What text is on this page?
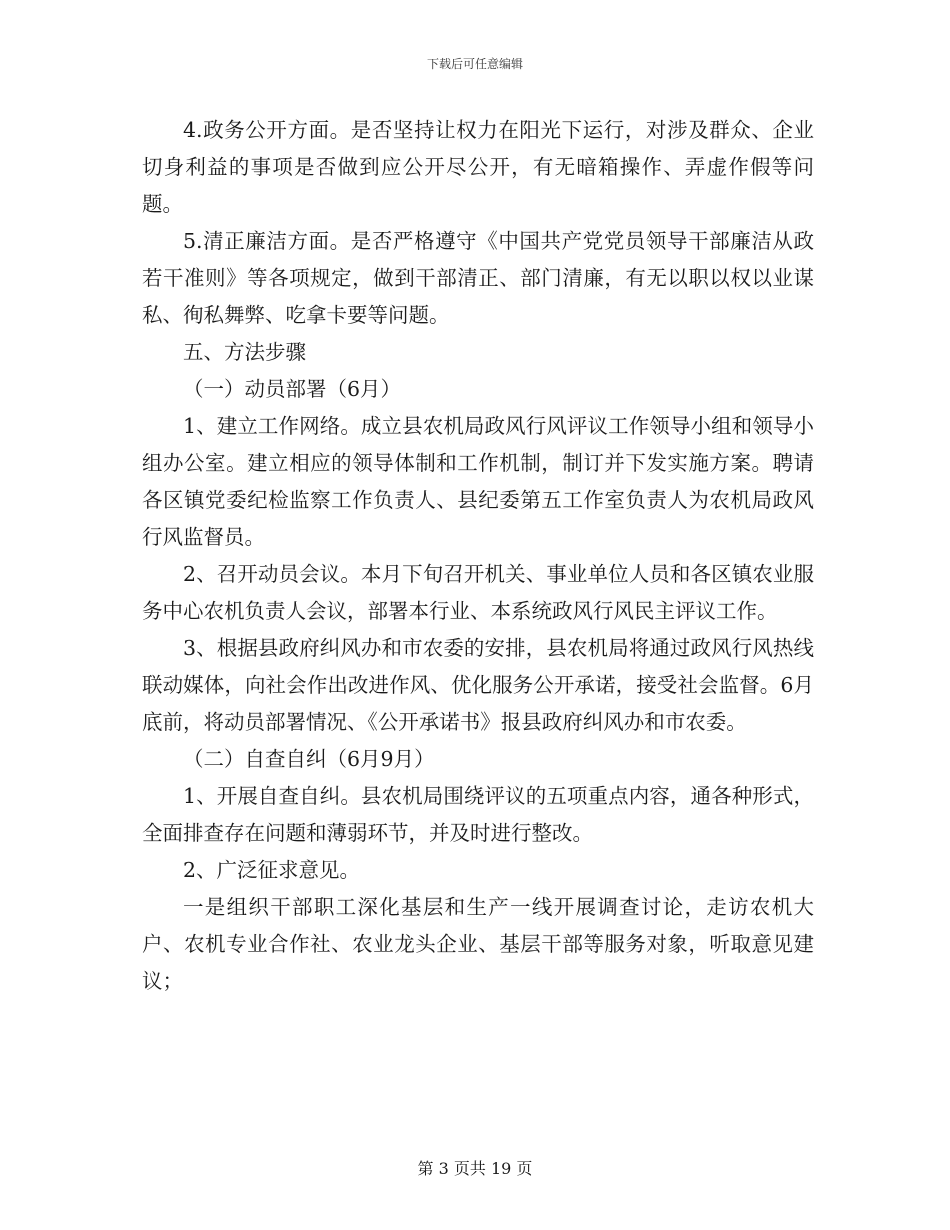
下载后可任意编辑

4.政务公开方面。是否坚持让权力在阳光下运行，对涉及群众、企业切身利益的事项是否做到应公开尽公开，有无暗箱操作、弄虚作假等问题。

5.清正廉洁方面。是否严格遵守《中国共产党党员领导干部廉洁从政若干准则》等各项规定，做到干部清正、部门清廉，有无以职以权以业谋私、徇私舞弊、吃拿卡要等问题。

五、方法步骤

（一）动员部署（6月）

1、建立工作网络。成立县农机局政风行风评议工作领导小组和领导小组办公室。建立相应的领导体制和工作机制，制订并下发实施方案。聘请各区镇党委纪检监察工作负责人、县纪委第五工作室负责人为农机局政风行风监督员。

2、召开动员会议。本月下旬召开机关、事业单位人员和各区镇农业服务中心农机负责人会议，部署本行业、本系统政风行风民主评议工作。

3、根据县政府纠风办和市农委的安排，县农机局将通过政风行风热线联动媒体，向社会作出改进作风、优化服务公开承诺，接受社会监督。6月底前，将动员部署情况、《公开承诺书》报县政府纠风办和市农委。

（二）自查自纠（6月9月）

1、开展自查自纠。县农机局围绕评议的五项重点内容，通各种形式，全面排查存在问题和薄弱环节，并及时进行整改。

2、广泛征求意见。

一是组织干部职工深化基层和生产一线开展调查讨论，走访农机大户、农机专业合作社、农业龙头企业、基层干部等服务对象，听取意见建议；

第 3 页共 19 页
